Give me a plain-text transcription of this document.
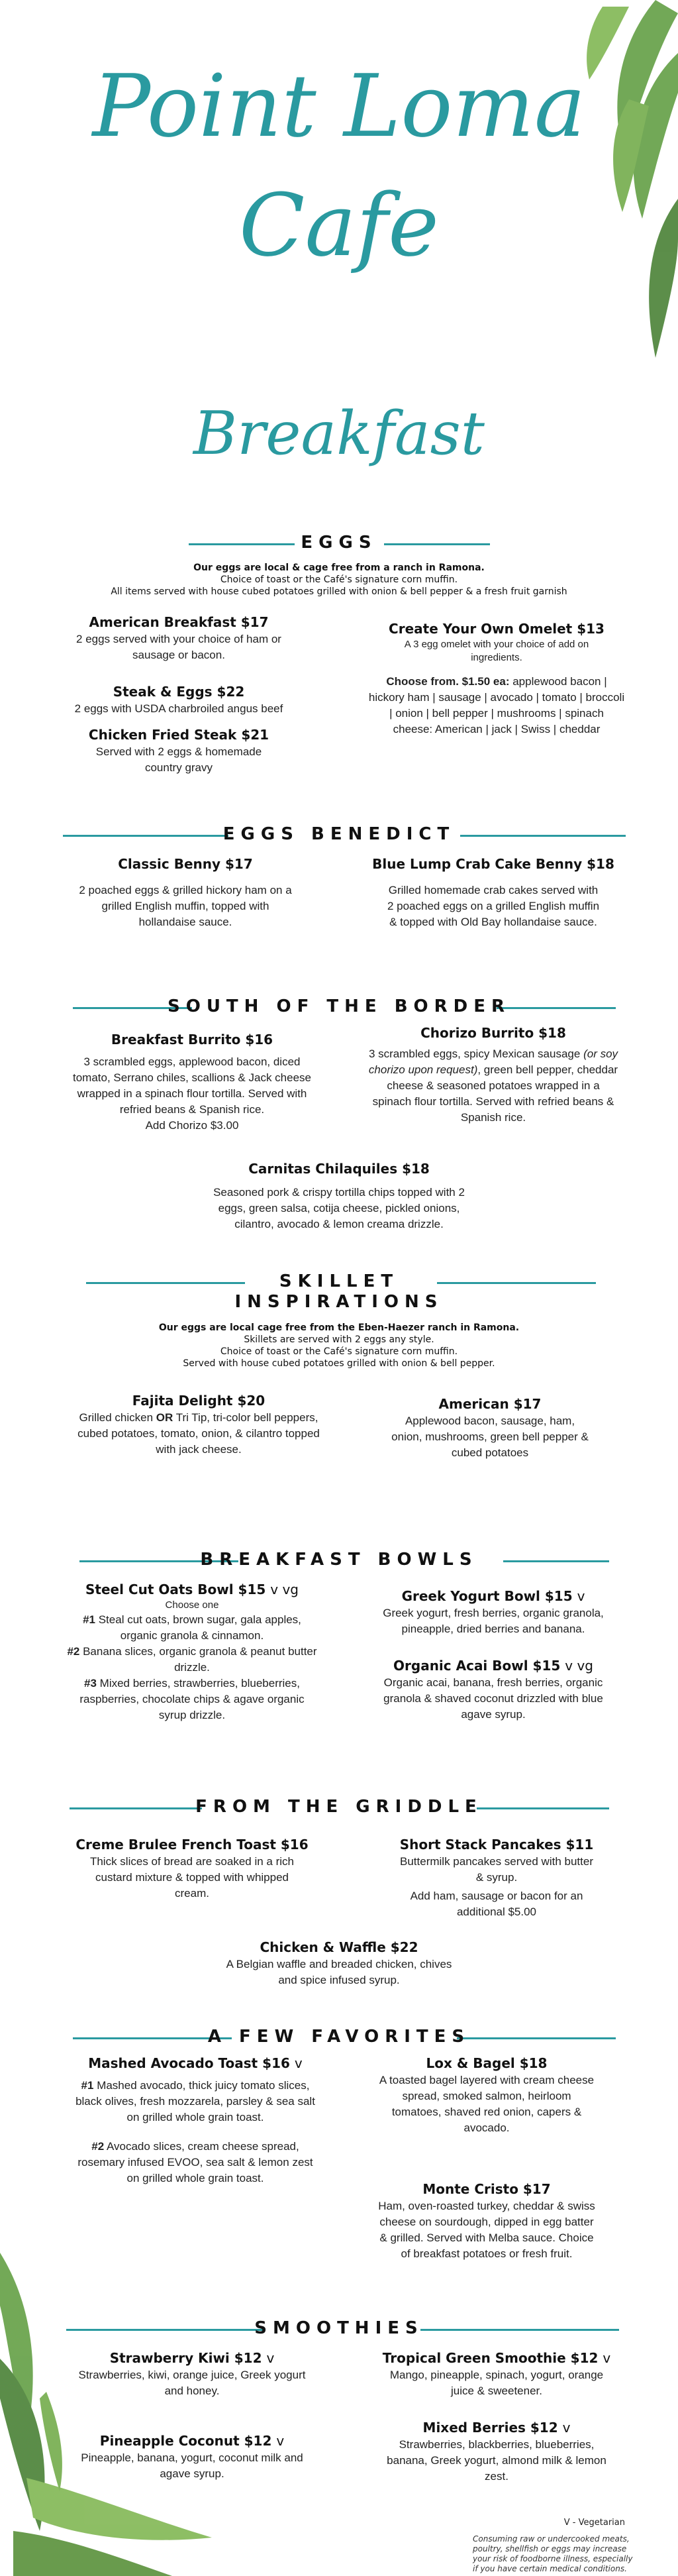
Point Loma
Cafe
Breakfast
EGGS
Our eggs are local & cage free from a ranch in Ramona.
Choice of toast or the Café's signature corn muffin.
All items served with house cubed potatoes grilled with onion & bell pepper & a fresh fruit garnish
American Breakfast $17
2 eggs served with your choice of ham or sausage or bacon.
Steak & Eggs $22
2 eggs with USDA charbroiled angus beef
Chicken Fried Steak $21
Served with 2 eggs & homemade country gravy
Create Your Own Omelet $13
A 3 egg omelet with your choice of add on ingredients.
Choose from. $1.50 ea: applewood bacon | hickory ham | sausage | avocado | tomato | broccoli | onion | bell pepper | mushrooms | spinach
cheese: American | jack | Swiss | cheddar
EGGS BENEDICT
Classic Benny $17
2 poached eggs & grilled hickory ham on a grilled English muffin, topped with hollandaise sauce.
Blue Lump Crab Cake Benny $18
Grilled homemade crab cakes served with 2 poached eggs on a grilled English muffin & topped with Old Bay hollandaise sauce.
SOUTH OF THE BORDER
Breakfast Burrito $16
3 scrambled eggs, applewood bacon, diced tomato, Serrano chiles, scallions & Jack cheese wrapped in a spinach flour tortilla. Served with refried beans & Spanish rice.
Add Chorizo $3.00
Chorizo Burrito $18
3 scrambled eggs, spicy Mexican sausage (or soy chorizo upon request), green bell pepper, cheddar cheese & seasoned potatoes wrapped in a spinach flour tortilla. Served with refried beans & Spanish rice.
Carnitas Chilaquiles $18
Seasoned pork & crispy tortilla chips topped with 2 eggs, green salsa, cotija cheese, pickled onions, cilantro, avocado & lemon creama drizzle.
SKILLET
INSPIRATIONS
Our eggs are local cage free from the Eben-Haezer ranch in Ramona.
Skillets are served with 2 eggs any style.
Choice of toast or the Café's signature corn muffin.
Served with house cubed potatoes grilled with onion & bell pepper.
Fajita Delight $20
Grilled chicken OR Tri Tip, tri-color bell peppers, cubed potatoes, tomato, onion, & cilantro topped with jack cheese.
American $17
Applewood bacon, sausage, ham, onion, mushrooms, green bell pepper & cubed potatoes
BREAKFAST BOWLS
Steel Cut Oats Bowl $15 v vg
Choose one
#1 Steal cut oats, brown sugar, gala apples, organic granola & cinnamon.
#2 Banana slices, organic granola & peanut butter drizzle.
#3 Mixed berries, strawberries, blueberries, raspberries, chocolate chips & agave organic syrup drizzle.
Greek Yogurt Bowl $15 v
Greek yogurt, fresh berries, organic granola, pineapple, dried berries and banana.
Organic Acai Bowl $15 v vg
Organic acai, banana, fresh berries, organic granola & shaved coconut drizzled with blue agave syrup.
FROM THE GRIDDLE
Creme Brulee French Toast $16
Thick slices of bread are soaked in a rich custard mixture & topped with whipped cream.
Short Stack Pancakes $11
Buttermilk pancakes served with butter & syrup.
Add ham, sausage or bacon for an additional $5.00
Chicken & Waffle $22
A Belgian waffle and breaded chicken, chives and spice infused syrup.
A FEW FAVORITES
Mashed Avocado Toast $16 v
#1 Mashed avocado, thick juicy tomato slices, black olives, fresh mozzarela, parsley & sea salt on grilled whole grain toast.
#2 Avocado slices, cream cheese spread, rosemary infused EVOO, sea salt & lemon zest on grilled whole grain toast.
Lox & Bagel $18
A toasted bagel layered with cream cheese spread, smoked salmon, heirloom tomatoes, shaved red onion, capers & avocado.
Monte Cristo $17
Ham, oven-roasted turkey, cheddar & swiss cheese on sourdough, dipped in egg batter & grilled. Served with Melba sauce. Choice of breakfast potatoes or fresh fruit.
SMOOTHIES
Strawberry Kiwi $12 v
Strawberries, kiwi, orange juice, Greek yogurt and honey.
Pineapple Coconut $12 v
Pineapple, banana, yogurt, coconut milk and agave syrup.
Tropical Green Smoothie $12 v
Mango, pineapple, spinach, yogurt, orange juice & sweetener.
Mixed Berries $12 v
Strawberries, blackberries, blueberries, banana, Greek yogurt, almond milk & lemon zest.
V - Vegetarian
Consuming raw or undercooked meats, poultry, shellfish or eggs may increase your risk of foodborne illness, especially if you have certain medical conditions.
